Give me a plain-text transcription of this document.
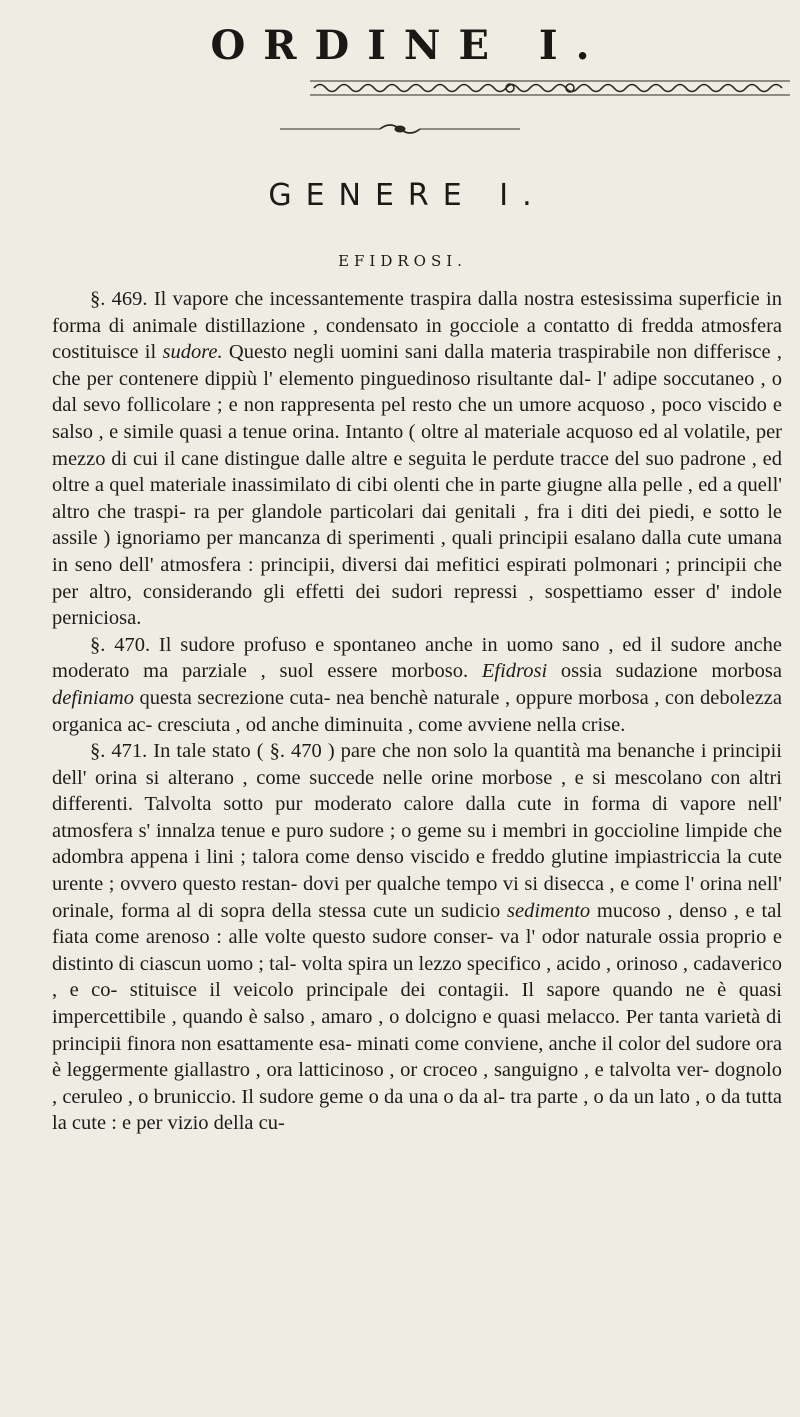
ORDINE I.
GENERE I.
EFIDROSI.

§. 469. Il vapore che incessantemente traspira dalla nostra estesissima superficie in forma di animale distillazione , condensato in gocciole a contatto di fredda atmosfera costituisce il sudore. Questo negli uomini sani dalla materia traspirabile non differisce , che per contenere dippiù l' elemento pinguedinoso risultante dal- l' adipe soccutaneo , o dal sevo follicolare ; e non rappresenta pel resto che un umore acquoso , poco viscido e salso , e simile quasi a tenue orina. Intanto ( oltre al materiale acquoso ed al volatile, per mezzo di cui il cane distingue dalle altre e seguita le perdute tracce del suo padrone , ed oltre a quel materiale inassimilato di cibi olenti che in parte giugne alla pelle , ed a quell' altro che traspi- ra per glandole particolari dai genitali , fra i diti dei piedi, e sotto le assile ) ignoriamo per mancanza di sperimenti , quali principii esalano dalla cute umana in seno dell' atmosfera : principii, diversi dai mefitici espirati polmonari ; principii che per altro, considerando gli effetti dei sudori repressi , sospettiamo esser d' indole perniciosa.

§. 470. Il sudore profuso e spontaneo anche in uomo sano , ed il sudore anche moderato ma parziale , suol essere morboso. Efidrosi ossia sudazione morbosa definiamo questa secrezione cuta- nea benchè naturale , oppure morbosa , con debolezza organica ac- cresciuta , od anche diminuita , come avviene nella crise.

§. 471. In tale stato ( §. 470 ) pare che non solo la quantità ma benanche i principii dell' orina si alterano , come succede nelle orine morbose , e si mescolano con altri differenti. Talvolta sotto pur moderato calore dalla cute in forma di vapore nell' atmosfera s' innalza tenue e puro sudore ; o geme su i membri in goccioline limpide che adombra appena i lini ; talora come denso viscido e freddo glutine impiastriccia la cute urente ; ovvero questo restan- dovi per qualche tempo vi si disecca , e come l' orina nell' orinale, forma al di sopra della stessa cute un sudicio sedimento mucoso , denso , e tal fiata come arenoso : alle volte questo sudore conser- va l' odor naturale ossia proprio e distinto di ciascun uomo ; tal- volta spira un lezzo specifico , acido , orinoso , cadaverico , e co- stituisce il veicolo principale dei contagii. Il sapore quando ne è quasi impercettibile , quando è salso , amaro , o dolcigno e quasi melacco. Per tanta varietà di principii finora non esattamente esa- minati come conviene, anche il color del sudore ora è leggermente giallastro , ora latticinoso , or croceo , sanguigno , e talvolta ver- dognolo , ceruleo , o bruniccio. Il sudore geme o da una o da al- tra parte , o da un lato , o da tutta la cute : e per vizio della cu-
